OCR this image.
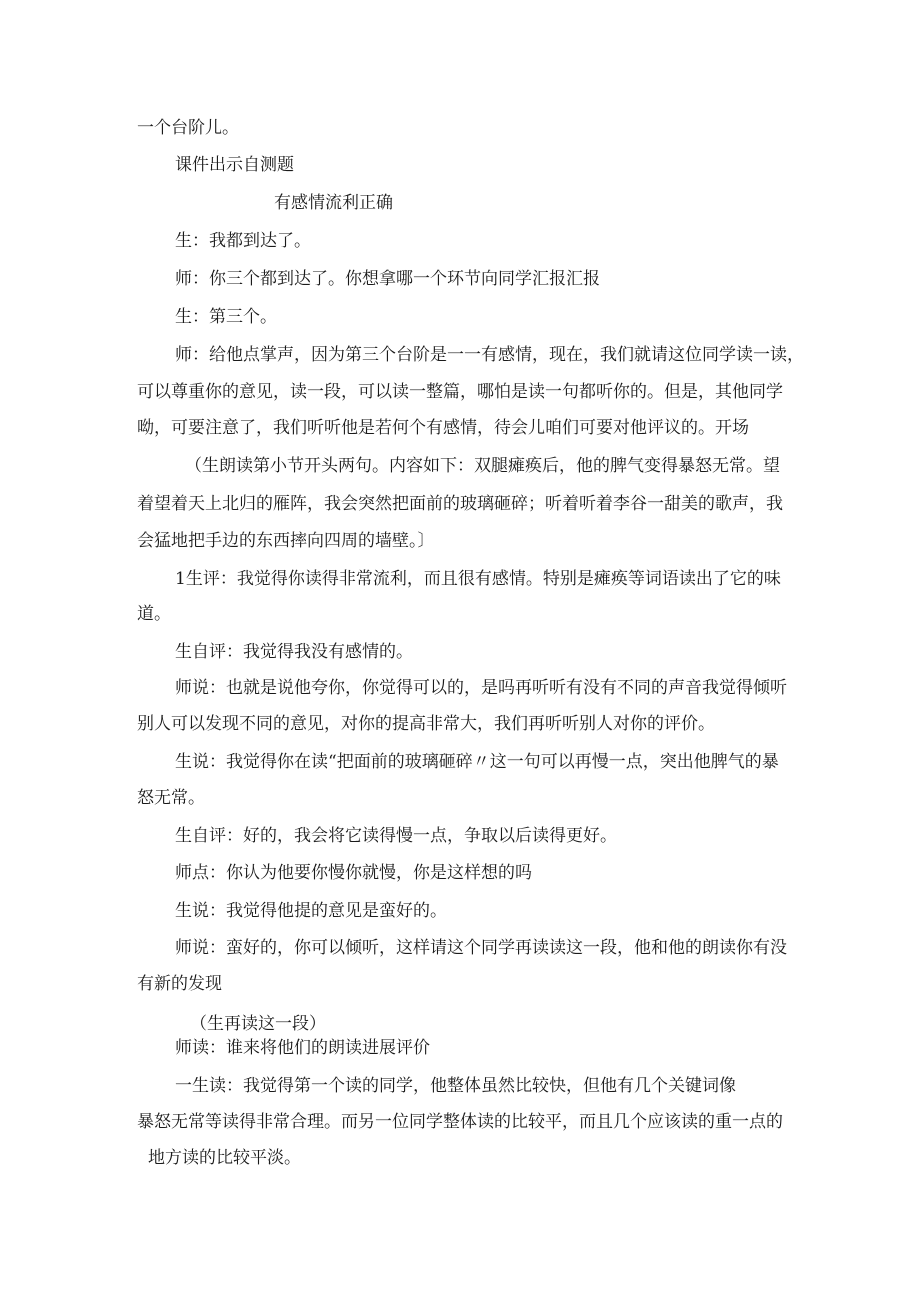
一个台阶儿。
课件出示自测题
有感情流利正确
生：我都到达了。
师：你三个都到达了。你想拿哪一个环节向同学汇报汇报
生：第三个。
师：给他点掌声，因为第三个台阶是一一有感情，现在，我们就请这位同学读一读，
可以尊重你的意见，读一段，可以读一整篇，哪怕是读一句都听你的。但是，其他同学
呦，可要注意了，我们听听他是若何个有感情，待会儿咱们可要对他评议的。开场
（生朗读第小节开头两句。内容如下：双腿瘫痪后，他的脾气变得暴怒无常。望
着望着天上北归的雁阵，我会突然把面前的玻璃砸碎；听着听着李谷一甜美的歌声，我
会猛地把手边的东西摔向四周的墙壁。〕
1生评：我觉得你读得非常流利，而且很有感情。特别是瘫痪等词语读出了它的味
道。
生自评：我觉得我没有感情的。
师说：也就是说他夸你，你觉得可以的，是吗再听听有没有不同的声音我觉得倾听
别人可以发现不同的意见，对你的提高非常大，我们再听听别人对你的评价。
生说：我觉得你在读“把面前的玻璃砸碎〃这一句可以再慢一点，突出他脾气的暴
怒无常。
生自评：好的，我会将它读得慢一点，争取以后读得更好。
师点：你认为他要你慢你就慢，你是这样想的吗
生说：我觉得他提的意见是蛮好的。
师说：蛮好的，你可以倾听，这样请这个同学再读读这一段，他和他的朗读你有没
有新的发现
（生再读这一段）
师读：谁来将他们的朗读进展评价
一生读：我觉得第一个读的同学，他整体虽然比较快，但他有几个关键词像
暴怒无常等读得非常合理。而另一位同学整体读的比较平，而且几个应该读的重一点的
地方读的比较平淡。
